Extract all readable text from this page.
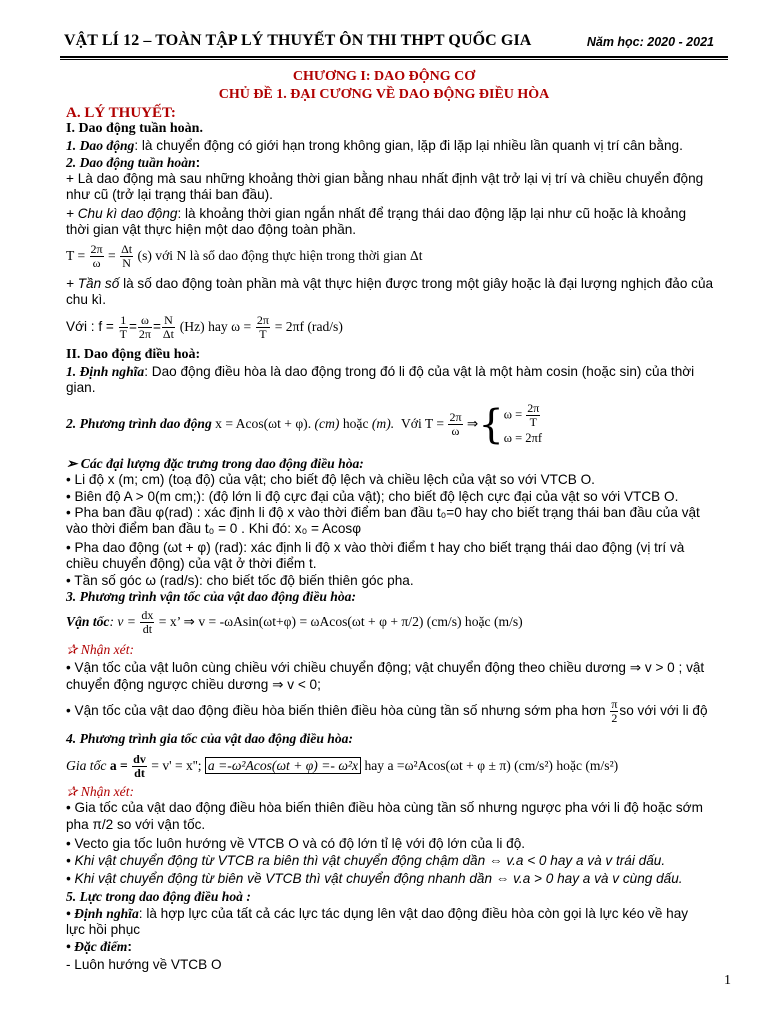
VẬT LÍ 12 – TOÀN TẬP LÝ THUYẾT ÔN THI THPT QUỐC GIA	Năm học: 2020 - 2021
CHƯƠNG I: DAO ĐỘNG CƠ
CHỦ ĐỀ 1. ĐẠI CƯƠNG VỀ DAO ĐỘNG ĐIỀU HÒA
A. LÝ THUYẾT:
I. Dao động tuần hoàn.
1. Dao động: là chuyển động có giới hạn trong không gian, lặp đi lặp lại nhiều lần quanh vị trí cân bằng.
2. Dao động tuần hoàn:
+ Là dao động mà sau những khoảng thời gian bằng nhau nhất định vật trở lại vị trí và chiều chuyển động
như cũ (trở lại trạng thái ban đầu).
+ Chu kì dao động: là khoảng thời gian ngắn nhất để trạng thái dao động lặp lại như cũ hoặc là khoảng
thời gian vật thực hiện một dao động toàn phần.
$T = \frac{2\pi}{\omega} = \frac{\Delta t}{N} (s)$ với N là số dao động thực hiện trong thời gian Δt
+ Tần số là số dao động toàn phần mà vật thực hiện được trong một giây hoặc là đại lượng nghịch đảo của
chu kì.
Với : $f = \frac{1}{T} = \frac{\omega}{2\pi} = \frac{N}{\Delta t} (Hz)$ hay $\omega = \frac{2\pi}{T} = 2\pi f$ (rad/s)
II. Dao động điều hoà:
1. Định nghĩa: Dao động điều hòa là dao động trong đó li độ của vật là một hàm cosin (hoặc sin) của thời
gian.
2. Phương trình dao động x = Acos(ωt + φ). (cm) hoặc (m). Với $T = \frac{2\pi}{\omega}$ ⇒{ $\omega = \frac{2\pi}{T}$
ω = 2πf
➢ Các đại lượng đặc trưng trong dao động điều hòa:
• Li độ x (m; cm) (toạ độ) của vật; cho biết độ lệch và chiều lệch của vật so với VTCB O.
• Biên độ A > 0(m cm;): (độ lớn li độ cực đại của vật); cho biết độ lệch cực đại của vật so với VTCB O.
• Pha ban đầu φ(rad) : xác định li độ x vào thời điểm ban đầu t₀=0 hay cho biết trạng thái ban đầu của vật
vào thời điểm ban đầu t₀ = 0 . Khi đó: x₀ = Acosφ
• Pha dao động (ωt + φ) (rad): xác định li độ x vào thời điểm t hay cho biết trạng thái dao động (vị trí và
chiều chuyển động) của vật ở thời điểm t.
• Tần số góc ω (rad/s): cho biết tốc độ biến thiên góc pha.
3. Phương trình vận tốc của vật dao động điều hòa:
Vận tốc: $v = \frac{dx}{dt} = x$’ ⇒ v = -ωAsin(ωt+φ) = ωAcos(ωt + φ + π/2) (cm/s) hoặc (m/s)
✰ Nhận xét:
• Vận tốc của vật luôn cùng chiều với chiều chuyển động; vật chuyển động theo chiều dương ⇒ v > 0 ; vật
chuyển động ngược chiều dương ⇒ v < 0;
• Vận tốc của vật dao động điều hòa biến thiên điều hòa cùng tần số nhưng sớm pha hơn $\frac{\pi}{2}$ so với với li độ
4. Phương trình gia tốc của vật dao động điều hòa:
Gia tốc $a = \frac{dv}{dt} = v' = x''$; a =-ω²Acos(ωt + φ) =- ω²x hay a =ω²Acos(ωt + φ ± π) (cm/s²) hoặc (m/s²)
✰ Nhận xét:
• Gia tốc của vật dao động điều hòa biến thiên điều hòa cùng tần số nhưng ngược pha với li độ hoặc sớm
pha π/2 so với vận tốc.
• Vecto gia tốc luôn hướng về VTCB O và có độ lớn tỉ lệ với độ lớn của li độ.
• Khi vật chuyển động từ VTCB ra biên thì vật chuyển động chậm dần ⇔ v.a < 0 hay a và v trái dấu.
• Khi vật chuyển động từ biên về VTCB thì vật chuyển động nhanh dần ⇔ v.a > 0 hay a và v cùng dấu.
5. Lực trong dao động điều hoà :
• Định nghĩa: là hợp lực của tất cả các lực tác dụng lên vật dao động điều hòa còn gọi là lực kéo về hay
lực hồi phục
• Đặc điểm:
- Luôn hướng về VTCB O
1
